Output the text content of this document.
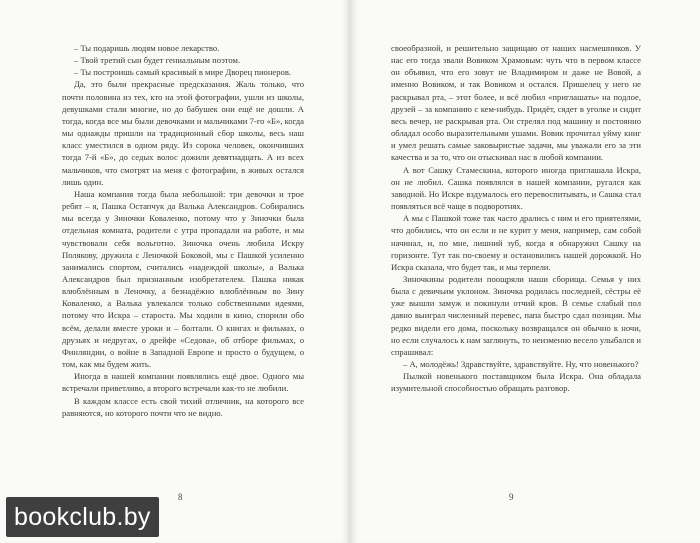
– Ты подаришь людям новое лекарство.

– Твой третий сын будет гениальным поэтом.

– Ты построишь самый красивый в мире Дворец пионеров.

Да, это были прекрасные предсказания. Жаль только, что почти половина из тех, кто на этой фотографии, ушли из школы, девушками стали многие, но до бабушек они ещё не дошли. А тогда, когда все мы были девочками и мальчиками 7-го «Б», когда мы однажды пришли на традиционный сбор школы, весь наш класс уместился в одном ряду. Из сорока человек, окончивших тогда 7-й «Б», до седых волос дожили девятнадцать. А из всех мальчиков, что смотрят на меня с фотографии, в живых остался лишь один.

Наша компания тогда была небольшой: три девочки и трое ребят – я, Пашка Остапчук да Валька Александров. Собирались мы всегда у Зиночки Коваленко, потому что у Зиночки была отдельная комната, родители с утра пропадали на работе, и мы чувствовали себя вольготно. Зиночка очень любила Искру Полякову, дружила с Леночкой Боковой, мы с Пашкой усиленно занимались спортом, считались «надеждой школы», а Валька Александров был признанным изобретателем. Пашка никак влюблённым в Леночку, а безнадёжно влюблённым во Зину Коваленко, а Валька увлекался только собственными идеями, потому что Искра – староста. Мы ходили в кино, спорили обо всём, делали вместе уроки и – болтали. О книгах и фильмах, о друзьях и недругах, о дрейфе «Седова», об отборе фильмах, о Финляндии, о войне в Западной Европе и просто о будущем, о том, как мы будем жить.

Иногда в нашей компании появлялись ещё двое. Одного мы встречали приветливо, а второго встречали как-то не любили.

В каждом классе есть свой тихий отличник, на которого все равняются, но которого почти что не видно.

8

своеобразной, и решительно защищаю от наших насмешников. У нас его тогда звали Вовиком Храмовым: чуть что в первом классе он объявил, что его зовут не Владимиром и даже не Вовой, а именно Вовиком, и так Вовиком и остался. Пришелец у него не раскрывал рта, – этот более, и всё любил «приглашать» на подлое, друзей – за компанию с кем-нибудь. Придёт, сядет в уголке и сидит весь вечер, не раскрывая рта. Он стрелял под машину и постоянно обладал особо выразительными ушами. Вовик прочитал уйму книг и умел решать самые заковыристые задачи, мы уважали его за эти качества и за то, что он отыскивал нас в любой компании.

А вот Сашку Стамескина, которого иногда приглашала Искра, он не любил. Сашка появлялся в нашей компании, ругался как заводной. Но Искре вздумалось его перевоспитывать, и Сашка стал появляться всё чаще в подворотнях.

А мы с Пашкой тоже так часто дрались с ним и его приятелями, что добились, что он если и не курит у меня, например, сам собой начинал, и, по мне, лишний зуб, когда я обнаружил Сашку на горизонте. Тут так по-своему и остановились нашей дорожкой. Но Искра сказала, что будет так, и мы терпели.

Зиночкины родители поощряли наши сборища. Семья у них была с девичьим уклоном. Зиночка родилась последней, сёстры её уже вышли замуж и покинули отчий кров. В семье слабый пол давно выиграл численный перевес, папа быстро сдал позиции. Мы редко видели его дома, поскольку возвращался он обычно к ночи, но если случалось к нам заглянуть, то неизменно весело улыбался и спрашивал:

– А, молодёжь! Здравствуйте, здравствуйте. Ну, что новенького?

Пылкой новенького поставщиком была Искра. Она обладала изумительной способностью обращать разговор.

9
bookclub.by
